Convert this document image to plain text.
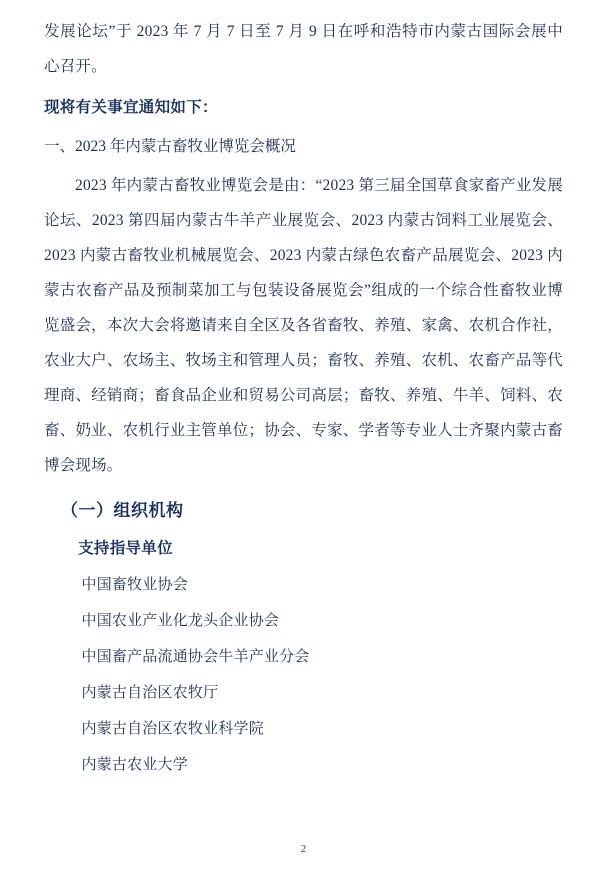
发展论坛”于 2023 年 7 月 7 日至 7 月 9 日在呼和浩特市内蒙古国际会展中心召开。

现将有关事宜通知如下：

一、2023 年内蒙古畜牧业博览会概况

2023 年内蒙古畜牧业博览会是由：“2023 第三届全国草食家畜产业发展论坛、2023 第四届内蒙古牛羊产业展览会、2023 内蒙古饲料工业展览会、2023 内蒙古畜牧业机械展览会、2023 内蒙古绿色农畜产品展览会、2023 内蒙古农畜产品及预制菜加工与包装设备展览会”组成的一个综合性畜牧业博览盛会，本次大会将邀请来自全区及各省畜牧、养殖、家禽、农机合作社，农业大户、农场主、牧场主和管理人员；畜牧、养殖、农机、农畜产品等代理商、经销商；畜食品企业和贸易公司高层；畜牧、养殖、牛羊、饲料、农畜、奶业、农机行业主管单位；协会、专家、学者等专业人士齐聚内蒙古畜博会现场。

（一）组织机构

支持指导单位

中国畜牧业协会

中国农业产业化龙头企业协会

中国畜产品流通协会牛羊产业分会

内蒙古自治区农牧厅

内蒙古自治区农牧业科学院

内蒙古农业大学

2
